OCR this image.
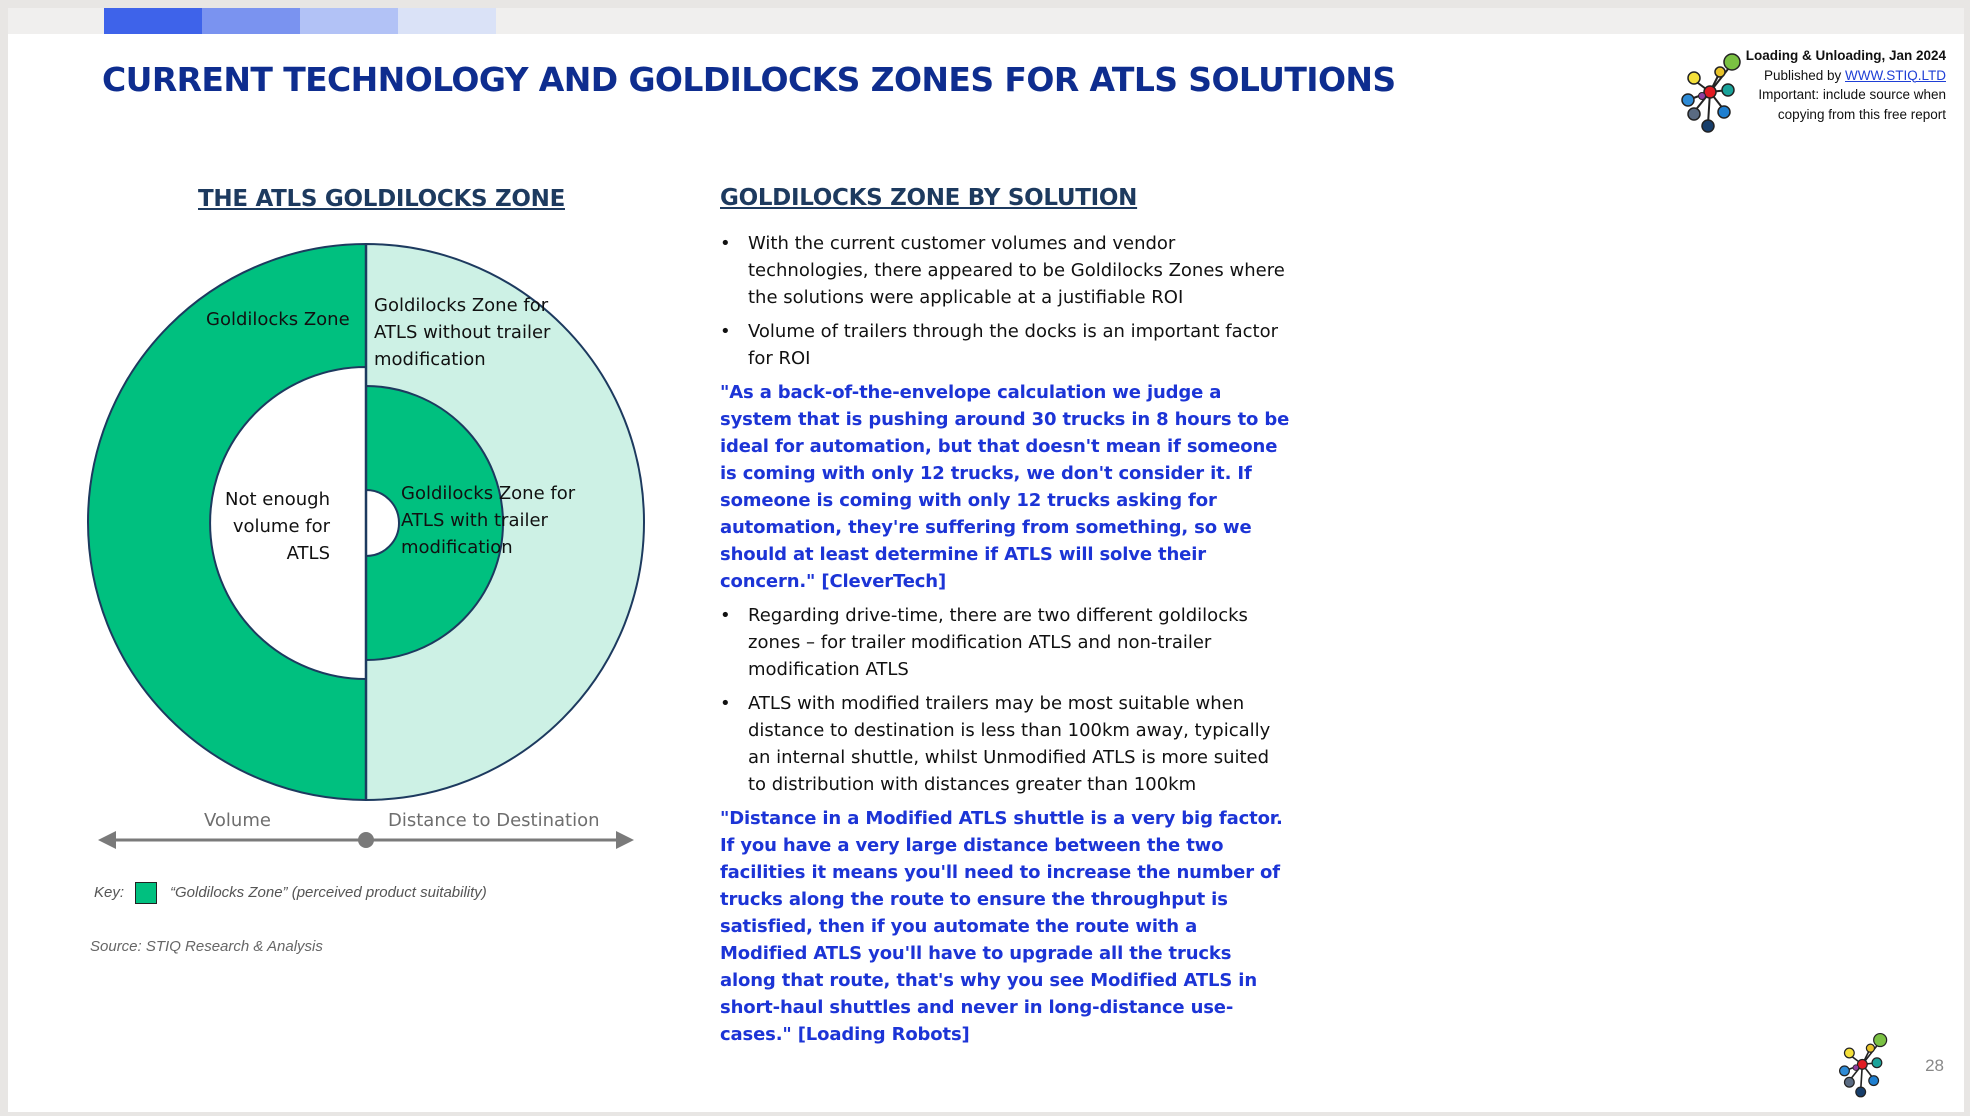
CURRENT TECHNOLOGY AND GOLDILOCKS ZONES FOR ATLS SOLUTIONS
Loading & Unloading, Jan 2024
Published by WWW.STIQ.LTD
Important: include source when
copying from this free report
THE ATLS GOLDILOCKS ZONE
Goldilocks Zone
Goldilocks Zone for ATLS without trailer modification
Not enough volume for ATLS
Goldilocks Zone for ATLS with trailer modification
Volume	Distance to Destination
Key:	“Goldilocks Zone” (perceived product suitability)
Source: STIQ Research & Analysis
GOLDILOCKS ZONE BY SOLUTION
• With the current customer volumes and vendor technologies, there appeared to be Goldilocks Zones where the solutions were applicable at a justifiable ROI
• Volume of trailers through the docks is an important factor for ROI
"As a back-of-the-envelope calculation we judge a system that is pushing around 30 trucks in 8 hours to be ideal for automation, but that doesn't mean if someone is coming with only 12 trucks, we don't consider it. If someone is coming with only 12 trucks asking for automation, they're suffering from something, so we should at least determine if ATLS will solve their concern." [CleverTech]
• Regarding drive-time, there are two different goldilocks zones – for trailer modification ATLS and non-trailer modification ATLS
• ATLS with modified trailers may be most suitable when distance to destination is less than 100km away, typically an internal shuttle, whilst Unmodified ATLS is more suited to distribution with distances greater than 100km
"Distance in a Modified ATLS shuttle is a very big factor. If you have a very large distance between the two facilities it means you'll need to increase the number of trucks along the route to ensure the throughput is satisfied, then if you automate the route with a Modified ATLS you'll have to upgrade all the trucks along that route, that's why you see Modified ATLS in short-haul shuttles and never in long-distance use-cases." [Loading Robots]
28
